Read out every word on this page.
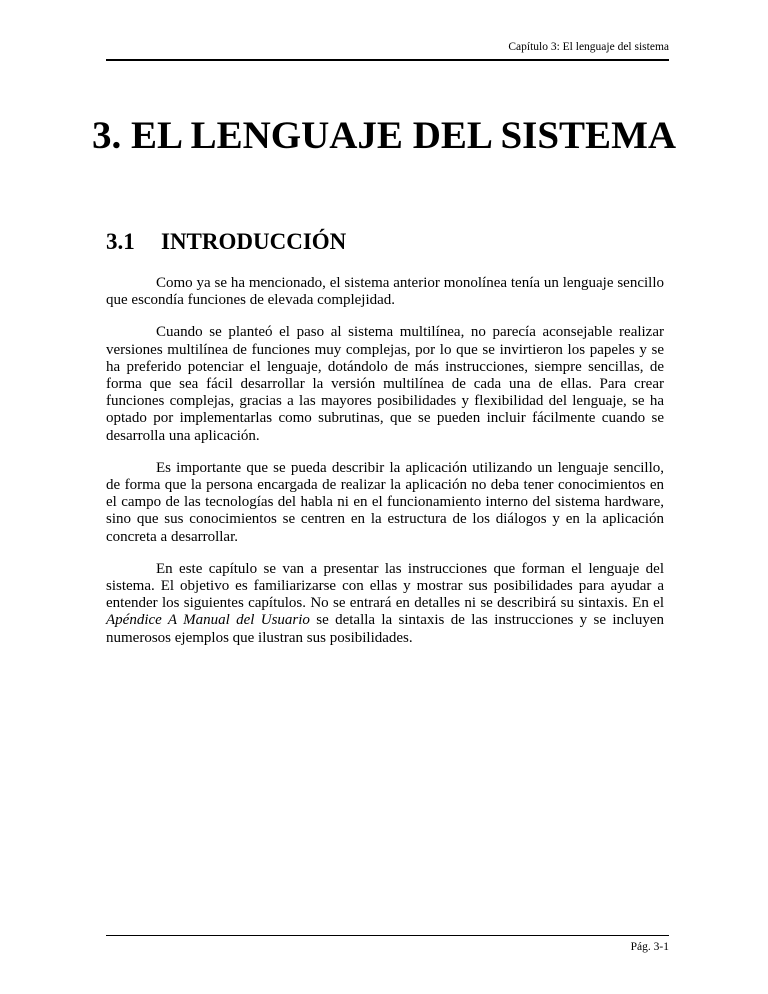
Capítulo 3: El lenguaje del sistema
3. EL LENGUAJE DEL SISTEMA
3.1 INTRODUCCIÓN

Como ya se ha mencionado, el sistema anterior monolínea tenía un lenguaje sencillo que escondía funciones de elevada complejidad.

Cuando se planteó el paso al sistema multilínea, no parecía aconsejable realizar versiones multilínea de funciones muy complejas, por lo que se invirtieron los papeles y se ha preferido potenciar el lenguaje, dotándolo de más instrucciones, siempre sencillas, de forma que sea fácil desarrollar la versión multilínea de cada una de ellas. Para crear funciones complejas, gracias a las mayores posibilidades y flexibilidad del lenguaje, se ha optado por implementarlas como subrutinas, que se pueden incluir fácilmente cuando se desarrolla una aplicación.

Es importante que se pueda describir la aplicación utilizando un lenguaje sencillo, de forma que la persona encargada de realizar la aplicación no deba tener conocimientos en el campo de las tecnologías del habla ni en el funcionamiento interno del sistema hardware, sino que sus conocimientos se centren en la estructura de los diálogos y en la aplicación concreta a desarrollar.

En este capítulo se van a presentar las instrucciones que forman el lenguaje del sistema. El objetivo es familiarizarse con ellas y mostrar sus posibilidades para ayudar a entender los siguientes capítulos. No se entrará en detalles ni se describirá su sintaxis. En el Apéndice A Manual del Usuario se detalla la sintaxis de las instrucciones y se incluyen numerosos ejemplos que ilustran sus posibilidades.

Pág. 3-1
